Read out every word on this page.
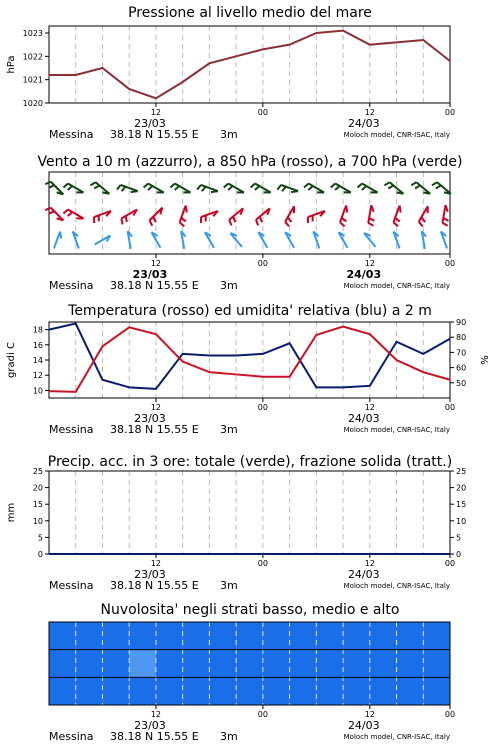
Pressione al livello medio del mare
1020
1021
1022
1023
hPa
12	00	12	00
23/03	24/03
Messina 38.18 N 15.55 E 3m	Moloch model, CNR-ISAC, Italy
Vento a 10 m (azzurro), a 850 hPa (rosso), a 700 hPa (verde)
12	00	12	00
23/03	24/03
Messina 38.18 N 15.55 E 3m	Moloch model, CNR-ISAC, Italy
Temperatura (rosso) ed umidita' relativa (blu) a 2 m
10
12
14
16
18
50
60
70
80
90
gradi C	%
12	00	12	00
23/03	24/03
Messina 38.18 N 15.55 E 3m	Moloch model, CNR-ISAC, Italy
Precip. acc. in 3 ore: totale (verde), frazione solida (tratt.)
0	0
5	5
10	10
15	15
20	20
25	25
mm
12	00	12	00
23/03	24/03
Messina 38.18 N 15.55 E 3m	Moloch model, CNR-ISAC, Italy
Nuvolosita' negli strati basso, medio e alto
12	00	12	00
23/03	24/03
Messina 38.18 N 15.55 E 3m	Moloch model, CNR-ISAC, Italy
